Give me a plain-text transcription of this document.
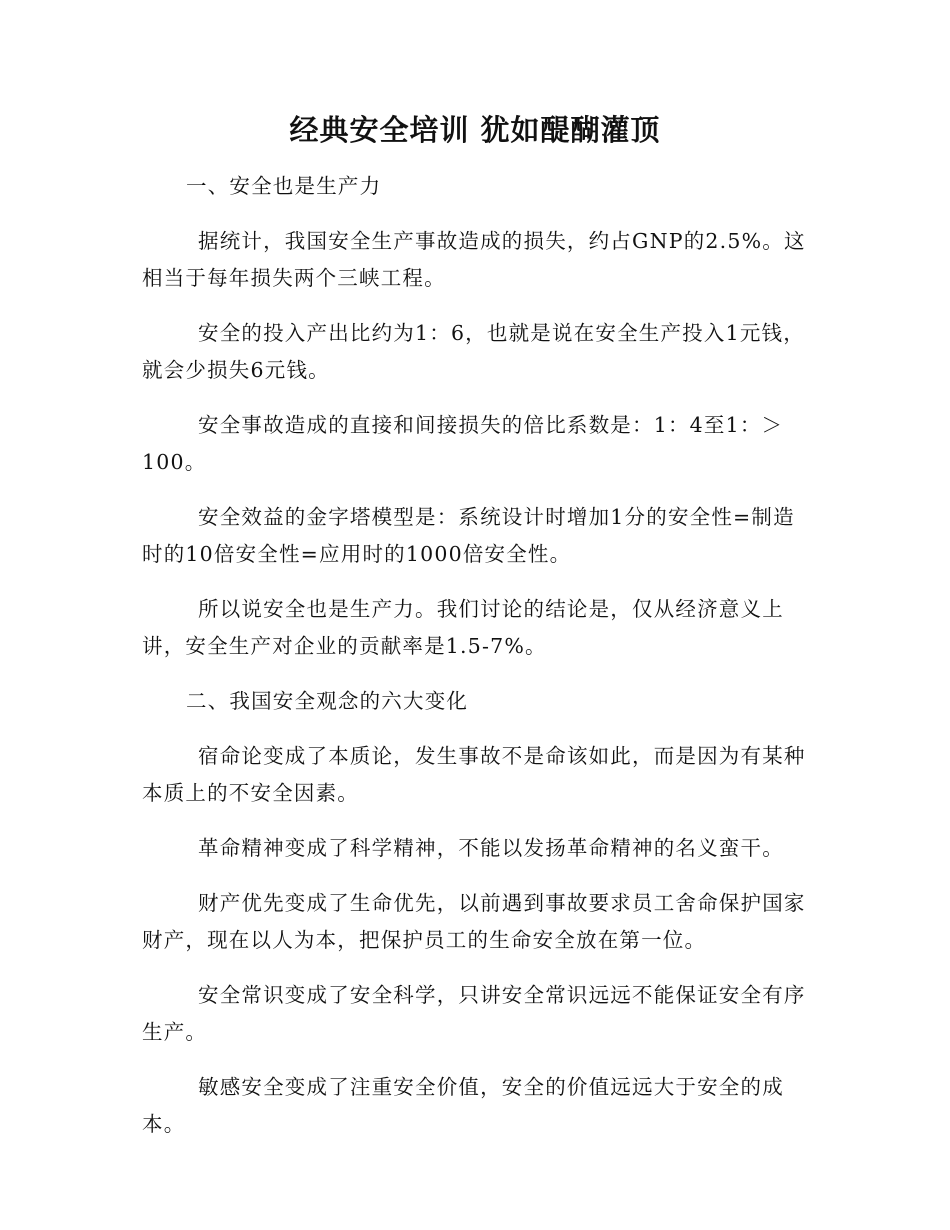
经典安全培训 犹如醍醐灌顶
一、安全也是生产力

据统计，我国安全生产事故造成的损失，约占GNP的2.5%。这相当于每年损失两个三峡工程。

安全的投入产出比约为1：6，也就是说在安全生产投入1元钱，就会少损失6元钱。

安全事故造成的直接和间接损失的倍比系数是：1：4至1：＞100。

安全效益的金字塔模型是：系统设计时增加1分的安全性=制造时的10倍安全性=应用时的1000倍安全性。

所以说安全也是生产力。我们讨论的结论是，仅从经济意义上讲，安全生产对企业的贡献率是1.5-7%。

二、我国安全观念的六大变化

宿命论变成了本质论，发生事故不是命该如此，而是因为有某种本质上的不安全因素。

革命精神变成了科学精神，不能以发扬革命精神的名义蛮干。

财产优先变成了生命优先，以前遇到事故要求员工舍命保护国家财产，现在以人为本，把保护员工的生命安全放在第一位。

安全常识变成了安全科学，只讲安全常识远远不能保证安全有序生产。

敏感安全变成了注重安全价值，安全的价值远远大于安全的成本。
